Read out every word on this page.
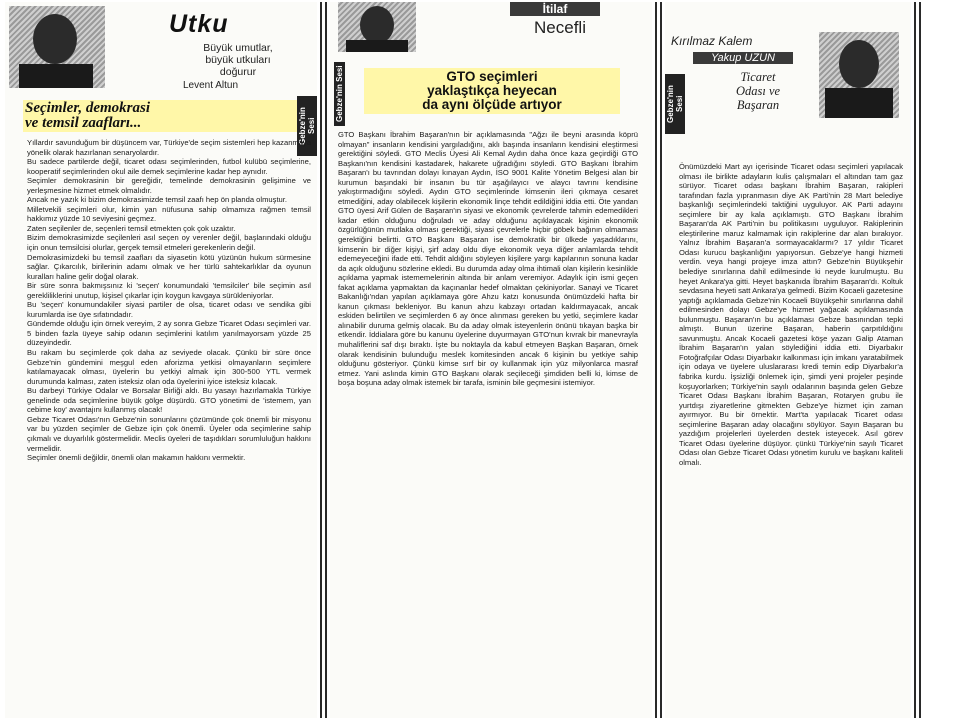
Utku
Büyük umutlar,
büyük utkuları
doğurur
Levent Altun
Gebze'nin Sesi
Seçimler, demokrasi
ve temsil zaafları...
Yıllardır savunduğum bir düşüncem var, Türkiye'de seçim sistemleri hep kazanmaya yönelik olarak hazırlanan senaryolardır.
Bu sadece partilerde değil, ticaret odası seçimlerinden, futbol kulübü seçimlerine, kooperatif seçimlerinden okul aile demek seçimlerine kadar hep aynıdır.
Seçimler demokrasinin bir gereğidir, temelinde demokrasinin gelişimine ve yerleşmesine hizmet etmek olmalıdır.
Ancak ne yazık ki bizim demokrasimizde temsil zaafı hep ön planda olmuştur.
Milletvekili seçimleri olur, kimin yan nüfusuna sahip olmamıza rağmen temsil hakkımız yüzde 10 seviyesini geçmez.
Zaten seçilenler de, seçenleri temsil etmekten çok çok uzaktır.
Bizim demokrasimizde seçilenleri asıl seçen oy verenler değil, başlarındaki olduğu için onun temsilcisi olurlar, gerçek temsil etmeleri gerekenlerin değil.
Demokrasimizdeki bu temsil zaafları da siyasetin kötü yüzünün hukum sürmesine sağlar. Çıkarcılık, birilerinin adamı olmak ve her türlü sahtekarlıklar da oyunun kuralları haline gelir doğal olarak.
Bir süre sonra bakmışsınız ki 'seçen' konumundaki 'temsilciler' bile seçimin asıl gerekliliklerini unutup, kişisel çıkarlar için koygun kavgaya sürükleniyorlar.
Bu 'seçen' konumundakiler siyasi partiler de olsa, ticaret odası ve sendika gibi kurumlarda ise üye sıfatındadır.
Gündemde olduğu için örnek vereyim, 2 ay sonra Gebze Ticaret Odası seçimleri var. 5 binden fazla üyeye sahip odanın seçimlerini katılım yanılmayorsam yüzde 25 düzeyindedir.
Bu rakam bu seçimlerde çok daha az seviyede olacak. Çünkü bir süre önce Gebze'nin gündemini meşgul eden aforizma yetkisi olmayanların seçimlere katılamayacak olması, üyelerin bu yetkiyi almak için 300-500 YTL vermek durumunda kalması, zaten isteksiz olan oda üyelerini iyice isteksiz kılacak.
Bu darbeyi Türkiye Odalar ve Borsalar Birliği aldı. Bu yasayı hazırlamakla Türkiye genelinde oda seçimlerine büyük gölge düşürdü. GTO yönetimi de 'istemem, yan cebime koy' avantajını kullanmış olacak!
Gebze Ticaret Odası'nın Gebze'nin sonunlarını çözümünde çok önemli bir misyonu var bu yüzden seçimler de Gebze için çok önemli. Üyeler oda seçimlerine sahip çıkmalı ve duyarlılık göstermelidir. Meclis üyeleri de taşıdıkları sorumluluğun hakkını vermelidir.
Seçimler önemli değildir, önemli olan makamın hakkını vermektir.
İtilaf
Necefli
Gebze'nin Sesi	GTO seçimleri
yaklaştıkça heyecan
da aynı ölçüde artıyor
GTO Başkanı İbrahim Başaran'nın bir açıklamasında "Ağzı ile beyni arasında köprü olmayan" insanların kendisini yargıladığını, aklı başında insanların kendisini eleştirmesi gerektiğini söyledi. GTO Meclis Üyesi Ali Kemal Aydın daha önce kaza geçirdiği GTO Başkanı'nın kendisini kastadarek, hakarete uğradığını söyledi. GTO Başkanı İbrahim Başaran'ı bu tavrından dolayı kınayan Aydın, İSO 9001 Kalite Yönetim Belgesi alan bir kurumun başındaki bir insanın bu tür aşağılayıcı ve alaycı tavrını kendisine yakıştırmadığını söyledi. Aydın GTO seçimlerinde kimsenin ileri çıkmaya cesaret etmediğini, aday olabilecek kişilerin ekonomik linçe tehdit edildiğini iddia etti. Öte yandan GTO üyesi Arif Gülen de Başaran'ın siyasi ve ekonomik çevrelerde tahmin edemedikleri kadar etkin olduğunu doğruladı ve aday olduğunu açıklayacak kişinin ekonomik özgürlüğünün mutlaka olması gerektiği, siyasi çevrelerle hiçbir göbek bağının olmaması gerektiğini belirtti. GTO Başkanı Başaran ise demokratik bir ülkede yaşadıklarını, kimsenin bir diğer kişiyi, şirf aday oldu diye ekonomik veya diğer anlamlarda tehdit edemeyeceğini ifade etti. Tehdit aldığını söyleyen kişilere yargı kapılarının sonuna kadar da açık olduğunu sözlerine ekledi. Bu durumda aday olma ihtimali olan kişilerin kesinlikle açıklama yapmak istememelerinin altında bir anlam veremiyor. Adaylık için ismi geçen fakat açıklama yapmaktan da kaçınanlar hedef olmaktan çekiniyorlar. Sanayi ve Ticaret Bakanlığı'ndan yapılan açıklamaya göre Ahzu katzı konusunda önümüzdeki hafta bir kanun çıkması bekleniyor. Bu kanun ahzu kabzayı ortadan kaldırmayacak, ancak eskiden belirtilen ve seçimlerden 6 ay önce alınması gereken bu yetki, seçimlere kadar alınabilir duruma gelmiş olacak. Bu da aday olmak isteyenlerin önünü tıkayan başka bir etkendir. İddialara göre bu kanunu üyelerine duyurmayan GTO'nun kıvrak bir manevrayla muhaliflerini saf dışı bıraktı. İşte bu noktayla da kabul etmeyen Başkan Başaran, örnek olarak kendisinin bulunduğu meslek komitesinden ancak 6 kişinin bu yetkiye sahip olduğunu gösteriyor. Çünkü kimse sırf bir oy kullanmak için yüz milyonlarca masraf etmez. Yani aslında kimin GTO Başkanı olarak seçileceği şimdiden belli ki, kimse de boşa boşuna aday olmak istemek bir tarafa, isminin bile geçmesini istemiyor.
Kırılmaz Kalem
Yakup UZUN
Gebze'nin Sesi
Ticaret
Odası ve
Başaran
Önümüzdeki Mart ayı içerisinde Ticaret odası seçimleri yapılacak olması ile birlikte adayların kulis çalışmaları el altından tam gaz sürüyor. Ticaret odası başkanı İbrahim Başaran, rakipleri tarafından fazla yıpranmasın diye AK Parti'nin 28 Mart belediye başkanlığı seçimlerindeki taktiğini uyguluyor. AK Parti adayını seçimlere bir ay kala açıklamıştı. GTO Başkanı İbrahim Başaran'da AK Parti'nin bu politikasını uyguluyor. Rakiplerinin eleştirilerine maruz kalmamak için rakiplerine dar alan bırakıyor. Yalnız İbrahim Başaran'a sormayacaklarmı? 17 yıldır Ticaret Odası kurucu başkanlığını yapıyorsun. Gebze'ye hangi hizmeti verdin. veya hangi projeye imza attın? Gebze'nin Büyükşehir belediye sınırlarına dahil edilmesinde ki neyde kurulmuştu. Bu heyet Ankara'ya gitti. Heyet başkanıda İbrahim Başaran'dı. Koltuk sevdasına heyeti satt Ankara'ya gelmedi. Bizim Kocaeli gazetesine yaptığı açıklamada Gebze'nin Kocaeli Büyükşehir sınırlarına dahil edilmesinden dolayı Gebze'ye hizmet yağacak açıklamasında bulunmuştu. Başaran'ın bu açıklaması Gebze basınından tepki almıştı. Bunun üzerine Başaran, haberin çarpıtıldığını savunmuştu. Ancak Kocaeli gazetesi köşe yazarı Galip Ataman İbrahim Başaran'ın yalan söylediğini iddia etti. Diyarbakır Fotoğrafçılar Odası Diyarbakır kalkınması için imkanı yaratabilmek için odaya ve üyelere uluslararası kredi temin edip Diyarbakır'a fabrika kurdu. İşsizliği önlemek için, şimdi yeni projeler peşinde koşuyorlarken; Türkiye'nin sayılı odalarının başında gelen Gebze Ticaret Odası Başkanı İbrahim Başaran, Rotaryen grubu ile yurtdışı ziyaretlerine gitmekten Gebze'ye hizmet için zaman ayırmıyor. Bu bir örnektir. Mart'ta yapılacak Ticaret odası seçimlerine Başaran aday olacağını söylüyor. Sayın Başaran bu yazdığım projelerleri üyelerden destek isteyecek. Asıl görev Ticaret Odası üyelerine düşüyor. çünkü Türkiye'nin sayılı Ticaret Odası olan Gebze Ticaret Odası yönetim kurulu ve başkanı kaliteli olmalı.
